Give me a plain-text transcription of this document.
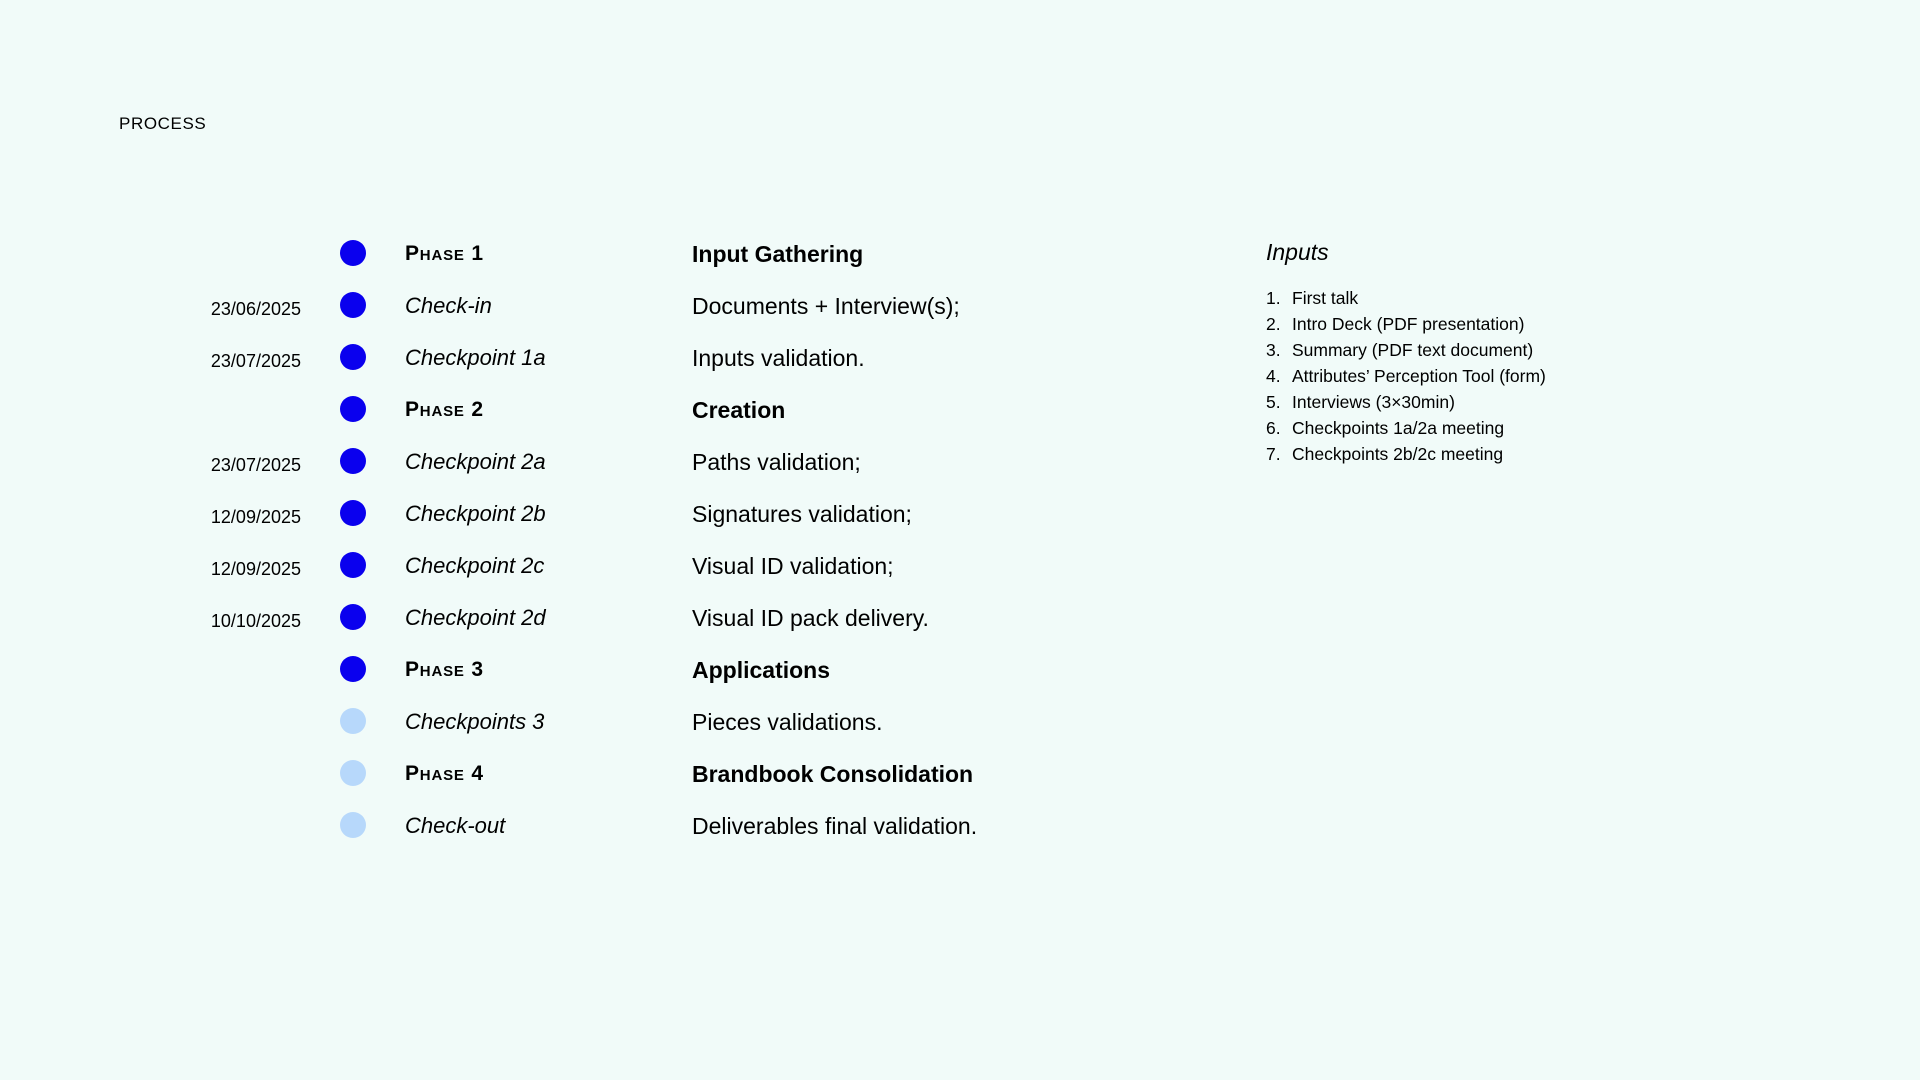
PROCESS
Phase 1	Input Gathering
23/06/2025	Check-in	Documents + Interview(s);
23/07/2025	Checkpoint 1a	Inputs validation.
Phase 2	Creation
23/07/2025	Checkpoint 2a	Paths validation;
12/09/2025	Checkpoint 2b	Signatures validation;
12/09/2025	Checkpoint 2c	Visual ID validation;
10/10/2025	Checkpoint 2d	Visual ID pack delivery.
Phase 3	Applications
Checkpoints 3	Pieces validations.
Phase 4	Brandbook Consolidation
Check-out	Deliverables final validation.
Inputs
1. First talk
2. Intro Deck (PDF presentation)
3. Summary (PDF text document)
4. Attributes’ Perception Tool (form)
5. Interviews (3×30min)
6. Checkpoints 1a/2a meeting
7. Checkpoints 2b/2c meeting
